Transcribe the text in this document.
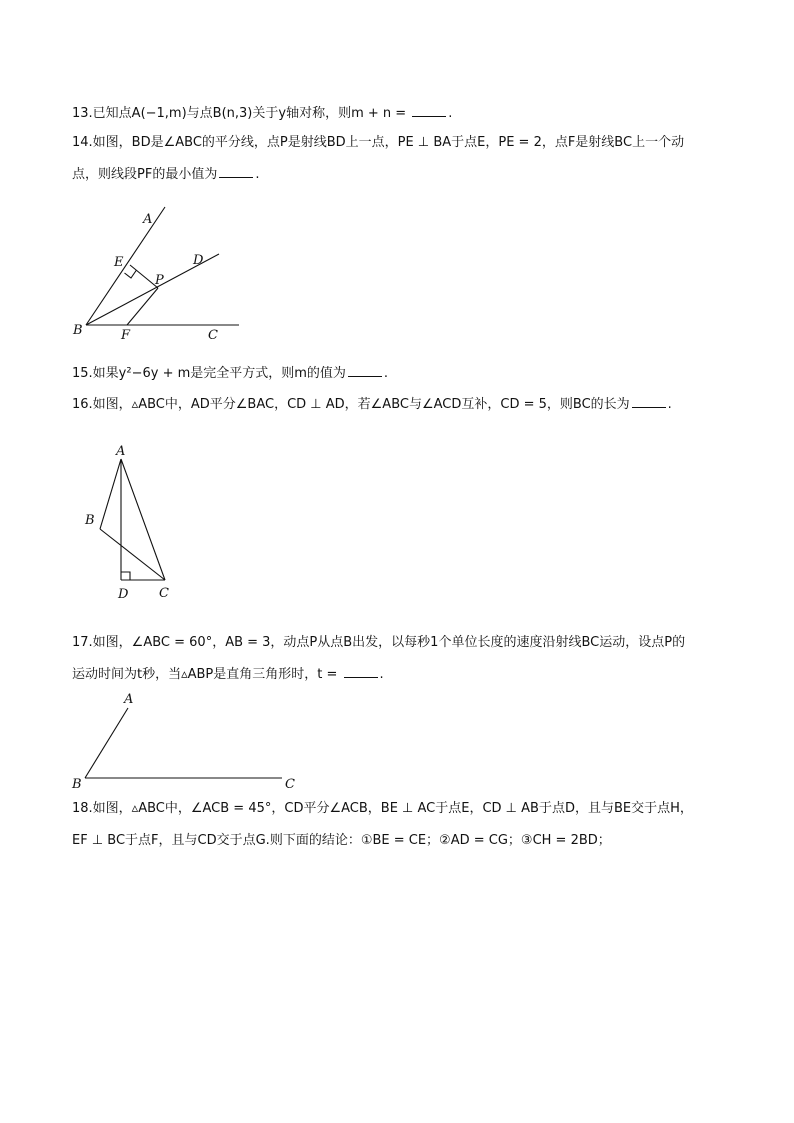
13.已知点A(−1,m)与点B(n,3)关于y轴对称，则m + n =	.
14.如图，BD是∠ABC的平分线，点P是射线BD上一点，PE ⊥ BA于点E，PE = 2，点F是射线BC上一个动
点，则线段PF的最小值为	.
A
E	D
P
B	F	C
15.如果y²−6y + m是完全平方式，则m的值为	.
16.如图，▵ABC中，AD平分∠BAC，CD ⊥ AD，若∠ABC与∠ACD互补，CD = 5，则BC的长为	.
A
B
D C
17.如图，∠ABC = 60°，AB = 3，动点P从点B出发，以每秒1个单位长度的速度沿射线BC运动，设点P的
运动时间为t秒，当▵ABP是直角三角形时，t =	.
A
B	C
18.如图，▵ABC中，∠ACB = 45°，CD平分∠ACB，BE ⊥ AC于点E，CD ⊥ AB于点D，且与BE交于点H，
EF ⊥ BC于点F，且与CD交于点G.则下面的结论：①BE = CE；②AD = CG；③CH = 2BD；
